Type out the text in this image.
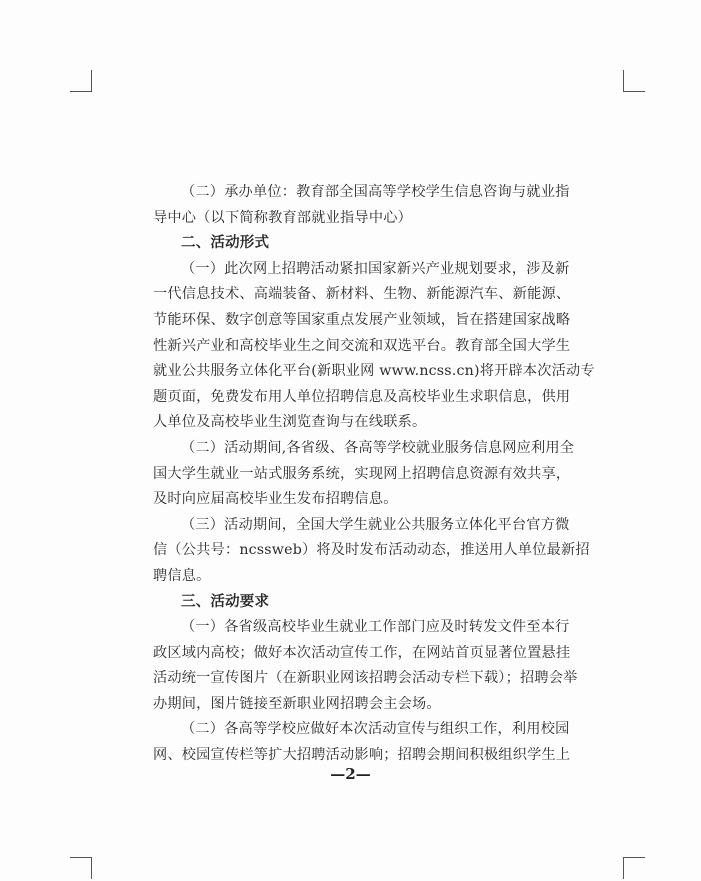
（二）承办单位：教育部全国高等学校学生信息咨询与就业指
导中心（以下简称教育部就业指导中心）
二、活动形式
（一）此次网上招聘活动紧扣国家新兴产业规划要求，涉及新
一代信息技术、高端装备、新材料、生物、新能源汽车、新能源、
节能环保、数字创意等国家重点发展产业领域，旨在搭建国家战略
性新兴产业和高校毕业生之间交流和双选平台。教育部全国大学生
就业公共服务立体化平台(新职业网 www.ncss.cn)将开辟本次活动专
题页面，免费发布用人单位招聘信息及高校毕业生求职信息，供用
人单位及高校毕业生浏览查询与在线联系。
（二）活动期间,各省级、各高等学校就业服务信息网应利用全
国大学生就业一站式服务系统，实现网上招聘信息资源有效共享，
及时向应届高校毕业生发布招聘信息。
（三）活动期间，全国大学生就业公共服务立体化平台官方微
信（公共号：ncssweb）将及时发布活动动态，推送用人单位最新招
聘信息。
三、活动要求
（一）各省级高校毕业生就业工作部门应及时转发文件至本行
政区域内高校；做好本次活动宣传工作，在网站首页显著位置悬挂
活动统一宣传图片（在新职业网该招聘会活动专栏下载）；招聘会举
办期间，图片链接至新职业网招聘会主会场。
（二）各高等学校应做好本次活动宣传与组织工作，利用校园
网、校园宣传栏等扩大招聘活动影响；招聘会期间积极组织学生上
—2—
